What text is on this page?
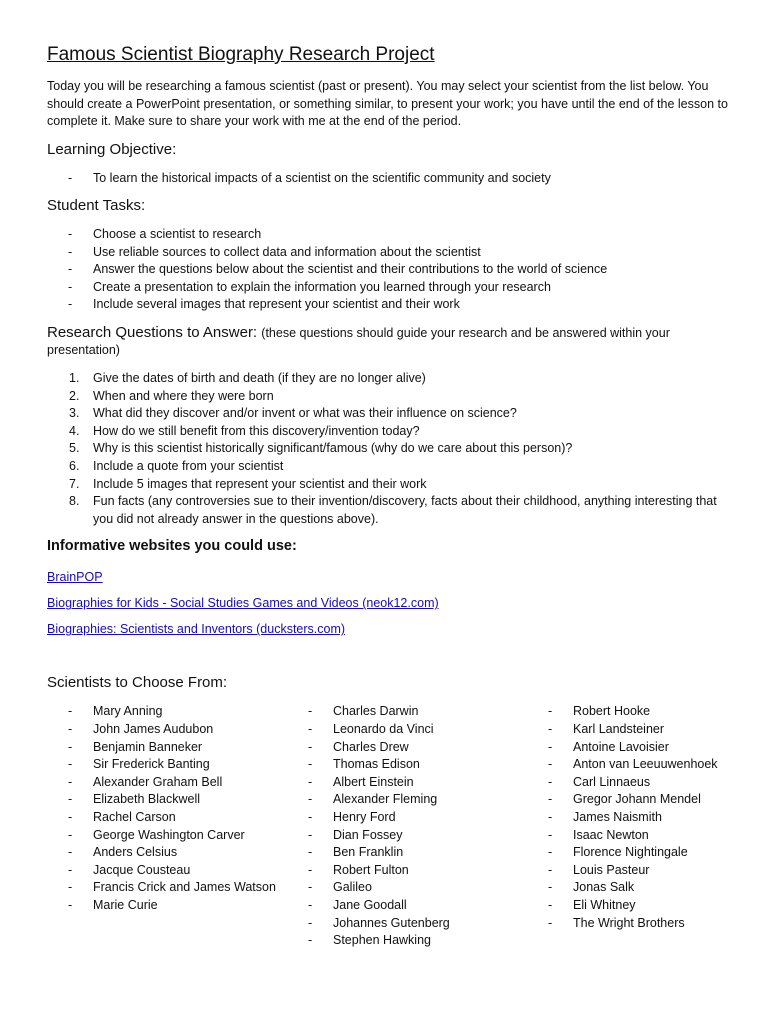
Famous Scientist Biography Research Project

Today you will be researching a famous scientist (past or present). You may select your scientist from the list below. You should create a PowerPoint presentation, or something similar, to present your work; you have until the end of the lesson to complete it. Make sure to share your work with me at the end of the period.

Learning Objective:
- To learn the historical impacts of a scientist on the scientific community and society
Student Tasks:
- Choose a scientist to research
- Use reliable sources to collect data and information about the scientist
- Answer the questions below about the scientist and their contributions to the world of science
- Create a presentation to explain the information you learned through your research
- Include several images that represent your scientist and their work
Research Questions to Answer: (these questions should guide your research and be answered within your presentation)
1. Give the dates of birth and death (if they are no longer alive)
2. When and where they were born
3. What did they discover and/or invent or what was their influence on science?
4. How do we still benefit from this discovery/invention today?
5. Why is this scientist historically significant/famous (why do we care about this person)?
6. Include a quote from your scientist
7. Include 5 images that represent your scientist and their work
8. Fun facts (any controversies sue to their invention/discovery, facts about their childhood, anything interesting that you did not already answer in the questions above).
Informative websites you could use:
BrainPOP
Biographies for Kids - Social Studies Games and Videos (neok12.com)
Biographies: Scientists and Inventors (ducksters.com)
Scientists to Choose From:
- Mary Anning
- John James Audubon
- Benjamin Banneker
- Sir Frederick Banting
- Alexander Graham Bell
- Elizabeth Blackwell
- Rachel Carson
- George Washington Carver
- Anders Celsius
- Jacque Cousteau
- Francis Crick and James Watson
- Marie Curie
- Charles Darwin
- Leonardo da Vinci
- Charles Drew
- Thomas Edison
- Albert Einstein
- Alexander Fleming
- Henry Ford
- Dian Fossey
- Ben Franklin
- Robert Fulton
- Galileo
- Jane Goodall
- Johannes Gutenberg
- Stephen Hawking
- Robert Hooke
- Karl Landsteiner
- Antoine Lavoisier
- Anton van Leeuuwenhoek
- Carl Linnaeus
- Gregor Johann Mendel
- James Naismith
- Isaac Newton
- Florence Nightingale
- Louis Pasteur
- Jonas Salk
- Eli Whitney
- The Wright Brothers
